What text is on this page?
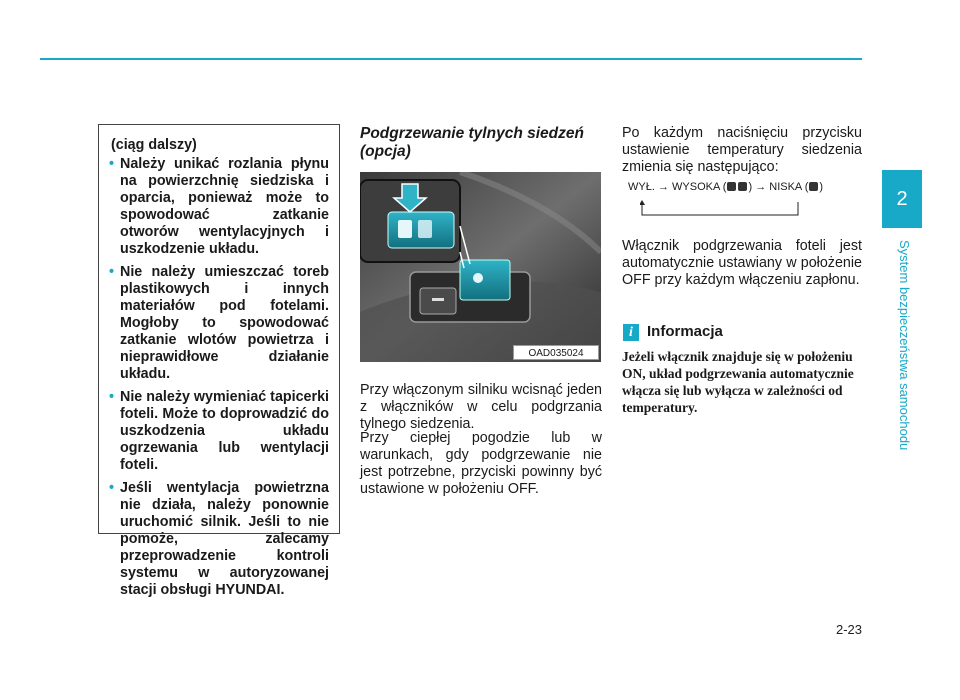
2
System bezpieczeństwa samochodu
(ciąg dalszy)
• Należy unikać rozlania płynu na powierzchnię siedziska i oparcia, ponieważ może to spowodować zatkanie otworów wentylacyjnych i uszkodzenie układu.
• Nie należy umieszczać toreb plastikowych i innych materiałów pod fotelami. Mogłoby to spowodować zatkanie wlotów powietrza i nieprawidłowe działanie układu.
• Nie należy wymieniać tapicerki foteli. Może to doprowadzić do uszkodzenia układu ogrzewania lub wentylacji foteli.
• Jeśli wentylacja powietrzna nie działa, należy ponownie uruchomić silnik. Jeśli to nie pomoże, zalecamy przeprowadzenie kontroli systemu w autoryzowanej stacji obsługi HYUNDAI.
Podgrzewanie tylnych siedzeń (opcja)
OAD035024
Przy włączonym silniku wcisnąć jeden z włączników w celu podgrzania tylnego siedzenia.
Przy ciepłej pogodzie lub w warunkach, gdy podgrzewanie nie jest potrzebne, przyciski powinny być ustawione w położeniu OFF.
Po każdym naciśnięciu przycisku ustawienie temperatury siedzenia zmienia się następująco:
WYŁ. → WYSOKA ( ) → NISKA ( )
Włącznik podgrzewania foteli jest automatycznie ustawiany w położenie OFF przy każdym włączeniu zapłonu.
i Informacja
Jeżeli włącznik znajduje się w położeniu ON, układ podgrzewania automatycznie włącza się lub wyłącza w zależności od temperatury.
2-23
